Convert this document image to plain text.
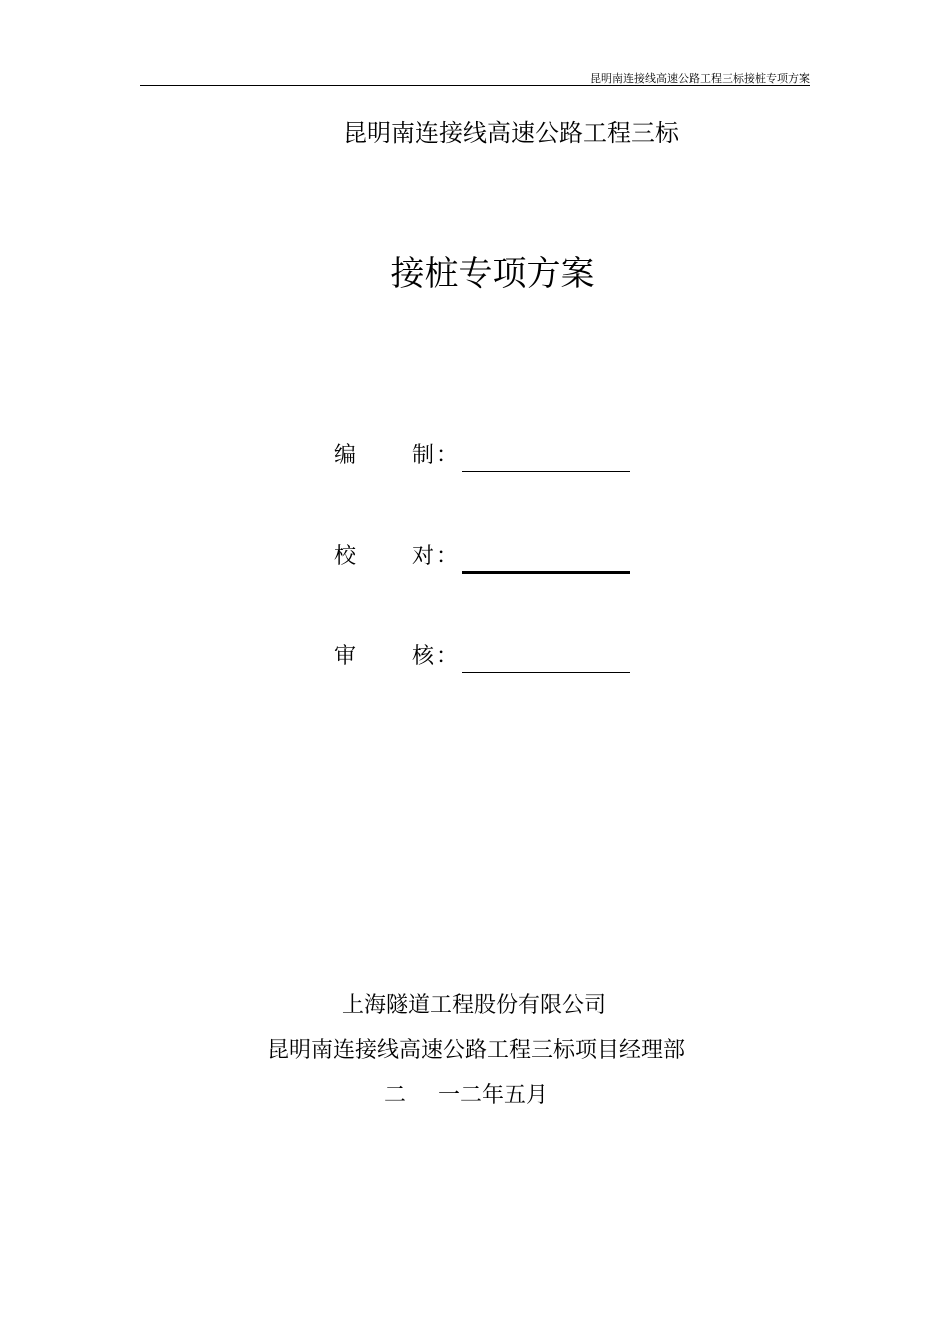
昆明南连接线高速公路工程三标接桩专项方案
昆明南连接线高速公路工程三标
接桩专项方案
编	制 ：
校	对 ：
审	核 ：
上海隧道工程股份有限公司
昆明南连接线高速公路工程三标项目经理部
二 一二年五月
